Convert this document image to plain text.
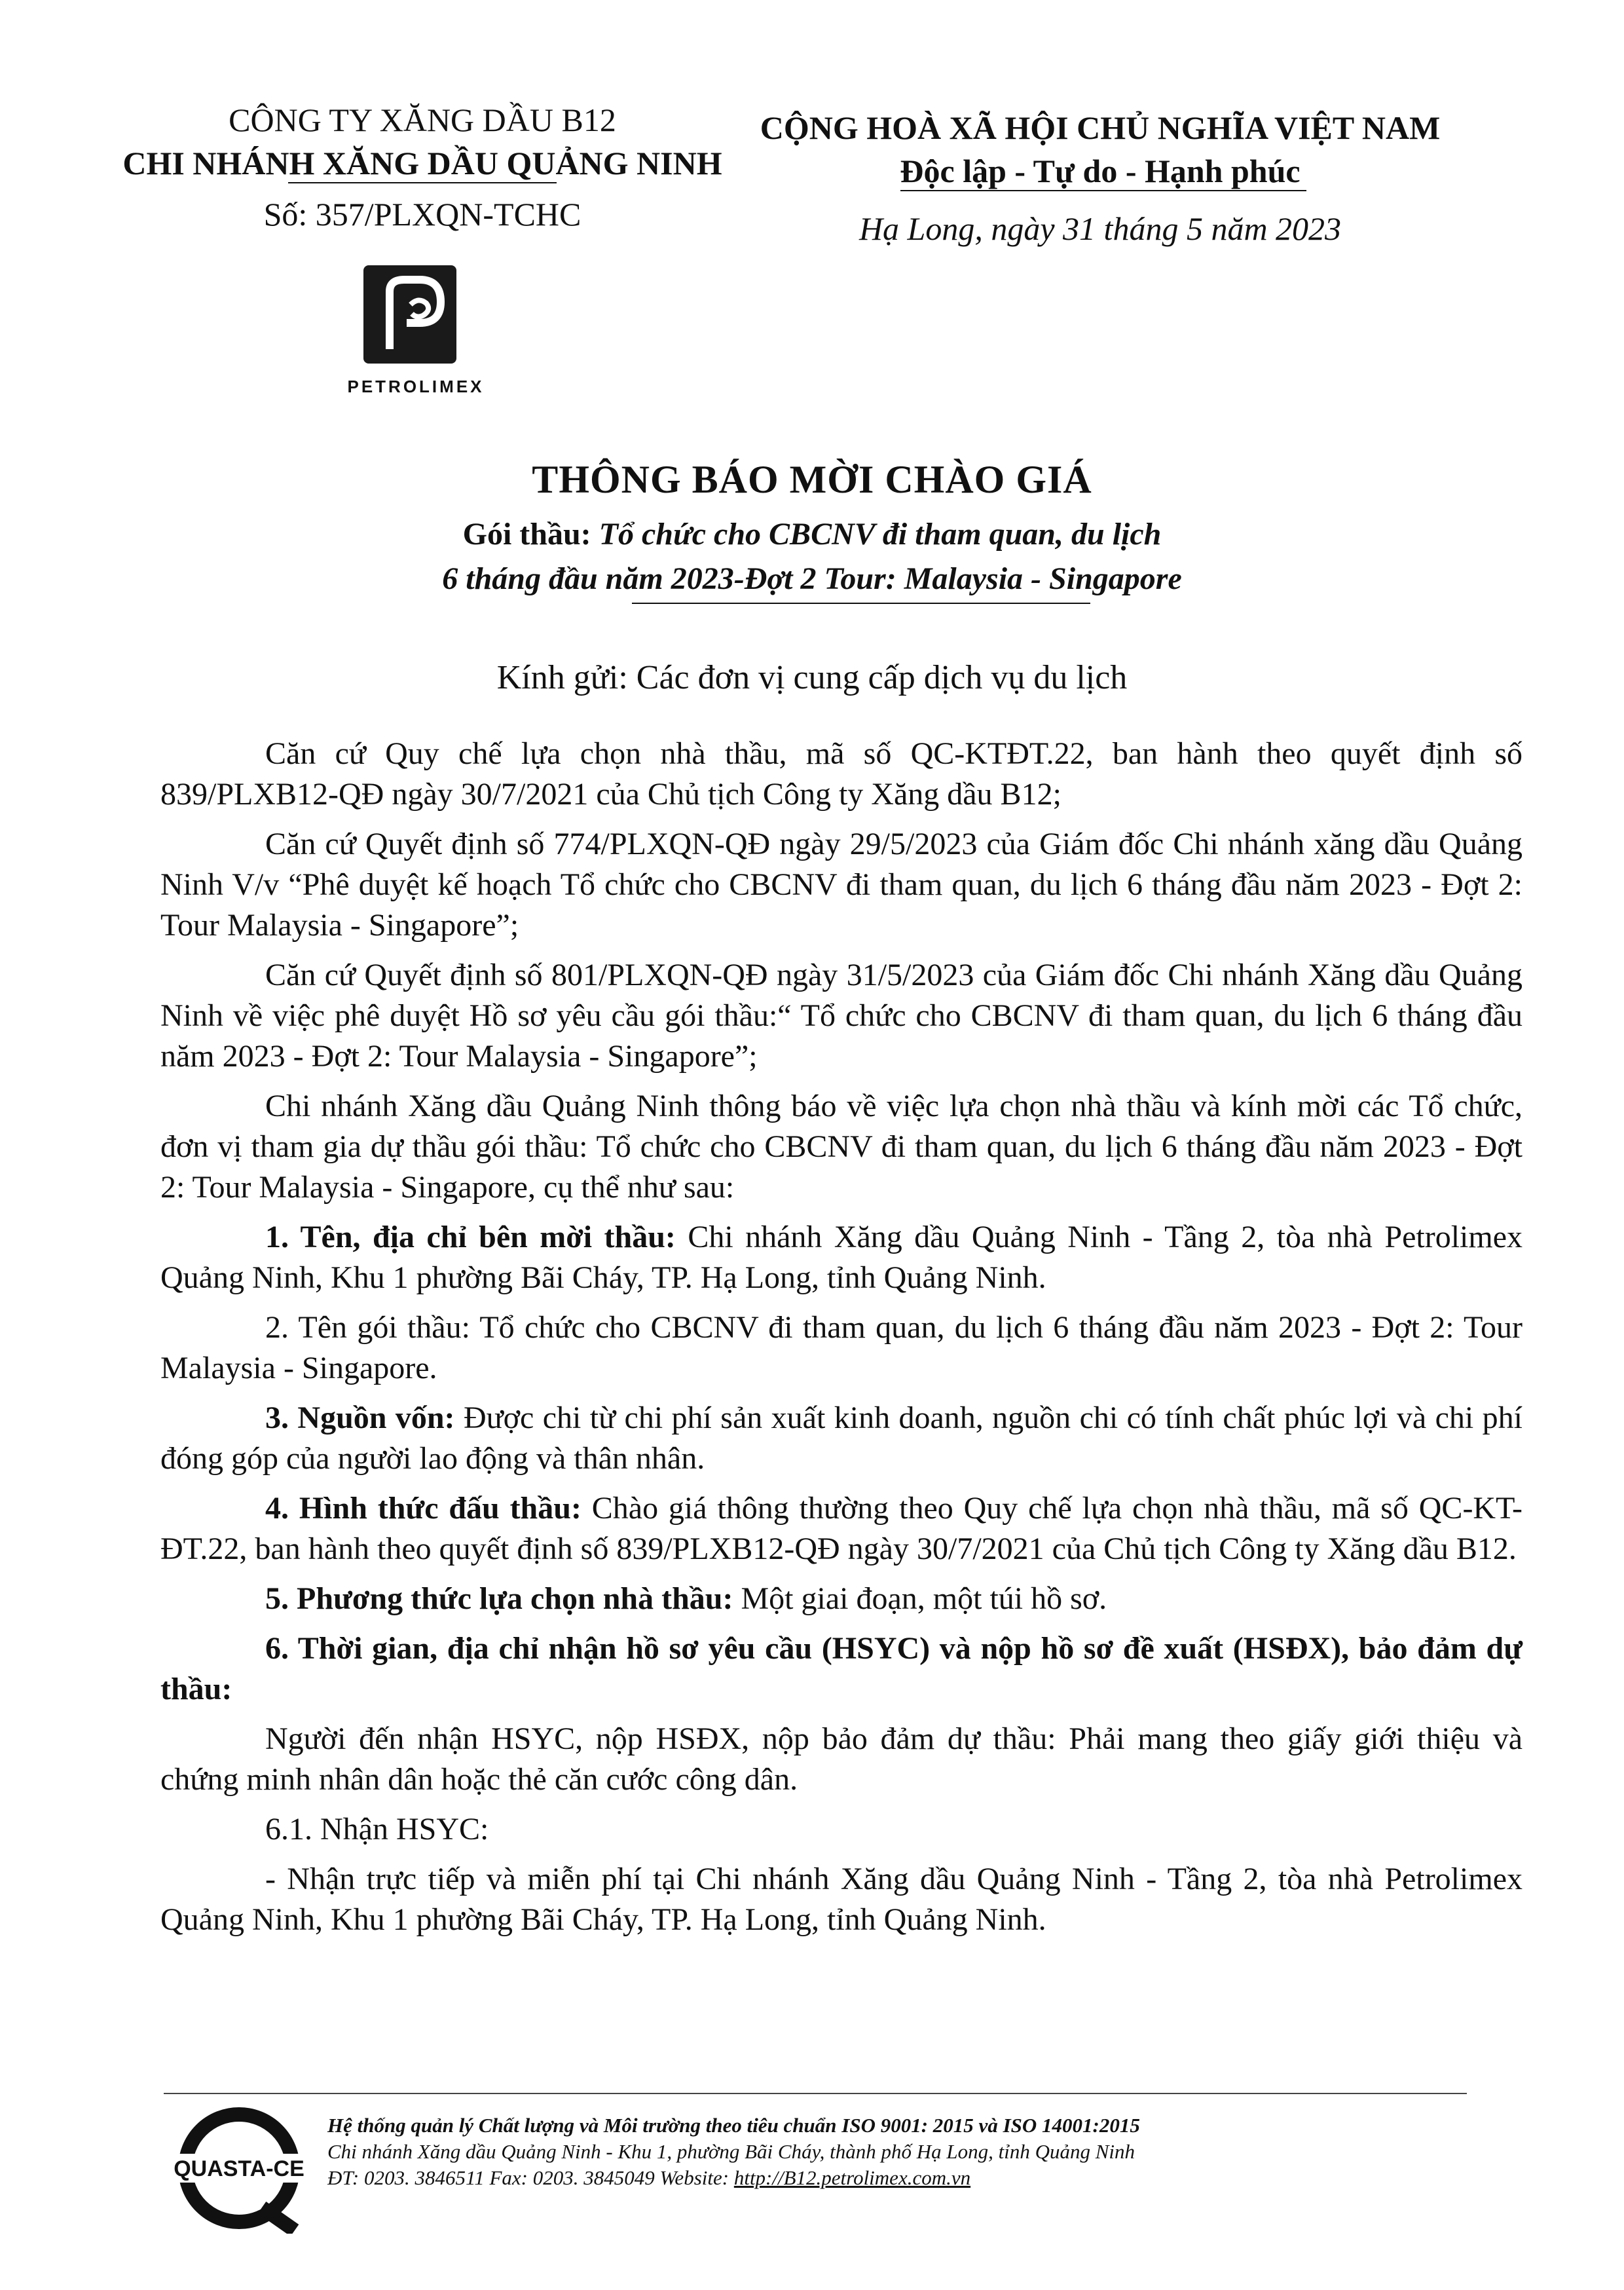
CÔNG TY XĂNG DẦU B12
CHI NHÁNH XĂNG DẦU QUẢNG NINH
Số: 357/PLXQN-TCHC
PETROLIMEX
CỘNG HOÀ XÃ HỘI CHỦ NGHĨA VIỆT NAM
Độc lập - Tự do - Hạnh phúc
Hạ Long, ngày 31 tháng 5 năm 2023
THÔNG BÁO MỜI CHÀO GIÁ
Gói thầu: Tổ chức cho CBCNV đi tham quan, du lịch
6 tháng đầu năm 2023-Đợt 2 Tour: Malaysia - Singapore
Kính gửi: Các đơn vị cung cấp dịch vụ du lịch

Căn cứ Quy chế lựa chọn nhà thầu, mã số QC-KTĐT.22, ban hành theo quyết định số 839/PLXB12-QĐ ngày 30/7/2021 của Chủ tịch Công ty Xăng dầu B12;

Căn cứ Quyết định số 774/PLXQN-QĐ ngày 29/5/2023 của Giám đốc Chi nhánh xăng dầu Quảng Ninh V/v “Phê duyệt kế hoạch Tổ chức cho CBCNV đi tham quan, du lịch 6 tháng đầu năm 2023 - Đợt 2: Tour Malaysia - Singapore”;

Căn cứ Quyết định số 801/PLXQN-QĐ ngày 31/5/2023 của Giám đốc Chi nhánh Xăng dầu Quảng Ninh về việc phê duyệt Hồ sơ yêu cầu gói thầu:“ Tổ chức cho CBCNV đi tham quan, du lịch 6 tháng đầu năm 2023 - Đợt 2: Tour Malaysia - Singapore”;

Chi nhánh Xăng dầu Quảng Ninh thông báo về việc lựa chọn nhà thầu và kính mời các Tổ chức, đơn vị tham gia dự thầu gói thầu: Tổ chức cho CBCNV đi tham quan, du lịch 6 tháng đầu năm 2023 - Đợt 2: Tour Malaysia - Singapore, cụ thể như sau:

1. Tên, địa chỉ bên mời thầu: Chi nhánh Xăng dầu Quảng Ninh - Tầng 2, tòa nhà Petrolimex Quảng Ninh, Khu 1 phường Bãi Cháy, TP. Hạ Long, tỉnh Quảng Ninh.

2. Tên gói thầu: Tổ chức cho CBCNV đi tham quan, du lịch 6 tháng đầu năm 2023 - Đợt 2: Tour Malaysia - Singapore.

3. Nguồn vốn: Được chi từ chi phí sản xuất kinh doanh, nguồn chi có tính chất phúc lợi và chi phí đóng góp của người lao động và thân nhân.

4. Hình thức đấu thầu: Chào giá thông thường theo Quy chế lựa chọn nhà thầu, mã số QC-KT-ĐT.22, ban hành theo quyết định số 839/PLXB12-QĐ ngày 30/7/2021 của Chủ tịch Công ty Xăng dầu B12.

5. Phương thức lựa chọn nhà thầu: Một giai đoạn, một túi hồ sơ.

6. Thời gian, địa chỉ nhận hồ sơ yêu cầu (HSYC) và nộp hồ sơ đề xuất (HSĐX), bảo đảm dự thầu:

Người đến nhận HSYC, nộp HSĐX, nộp bảo đảm dự thầu: Phải mang theo giấy giới thiệu và chứng minh nhân dân hoặc thẻ căn cước công dân.

6.1. Nhận HSYC:

- Nhận trực tiếp và miễn phí tại Chi nhánh Xăng dầu Quảng Ninh - Tầng 2, tòa nhà Petrolimex Quảng Ninh, Khu 1 phường Bãi Cháy, TP. Hạ Long, tỉnh Quảng Ninh.

QUASTA-CE
Hệ thống quản lý Chất lượng và Môi trường theo tiêu chuẩn ISO 9001: 2015 và ISO 14001:2015
Chi nhánh Xăng dầu Quảng Ninh - Khu 1, phường Bãi Cháy, thành phố Hạ Long, tỉnh Quảng Ninh
ĐT: 0203. 3846511 Fax: 0203. 3845049 Website: http://B12.petrolimex.com.vn
